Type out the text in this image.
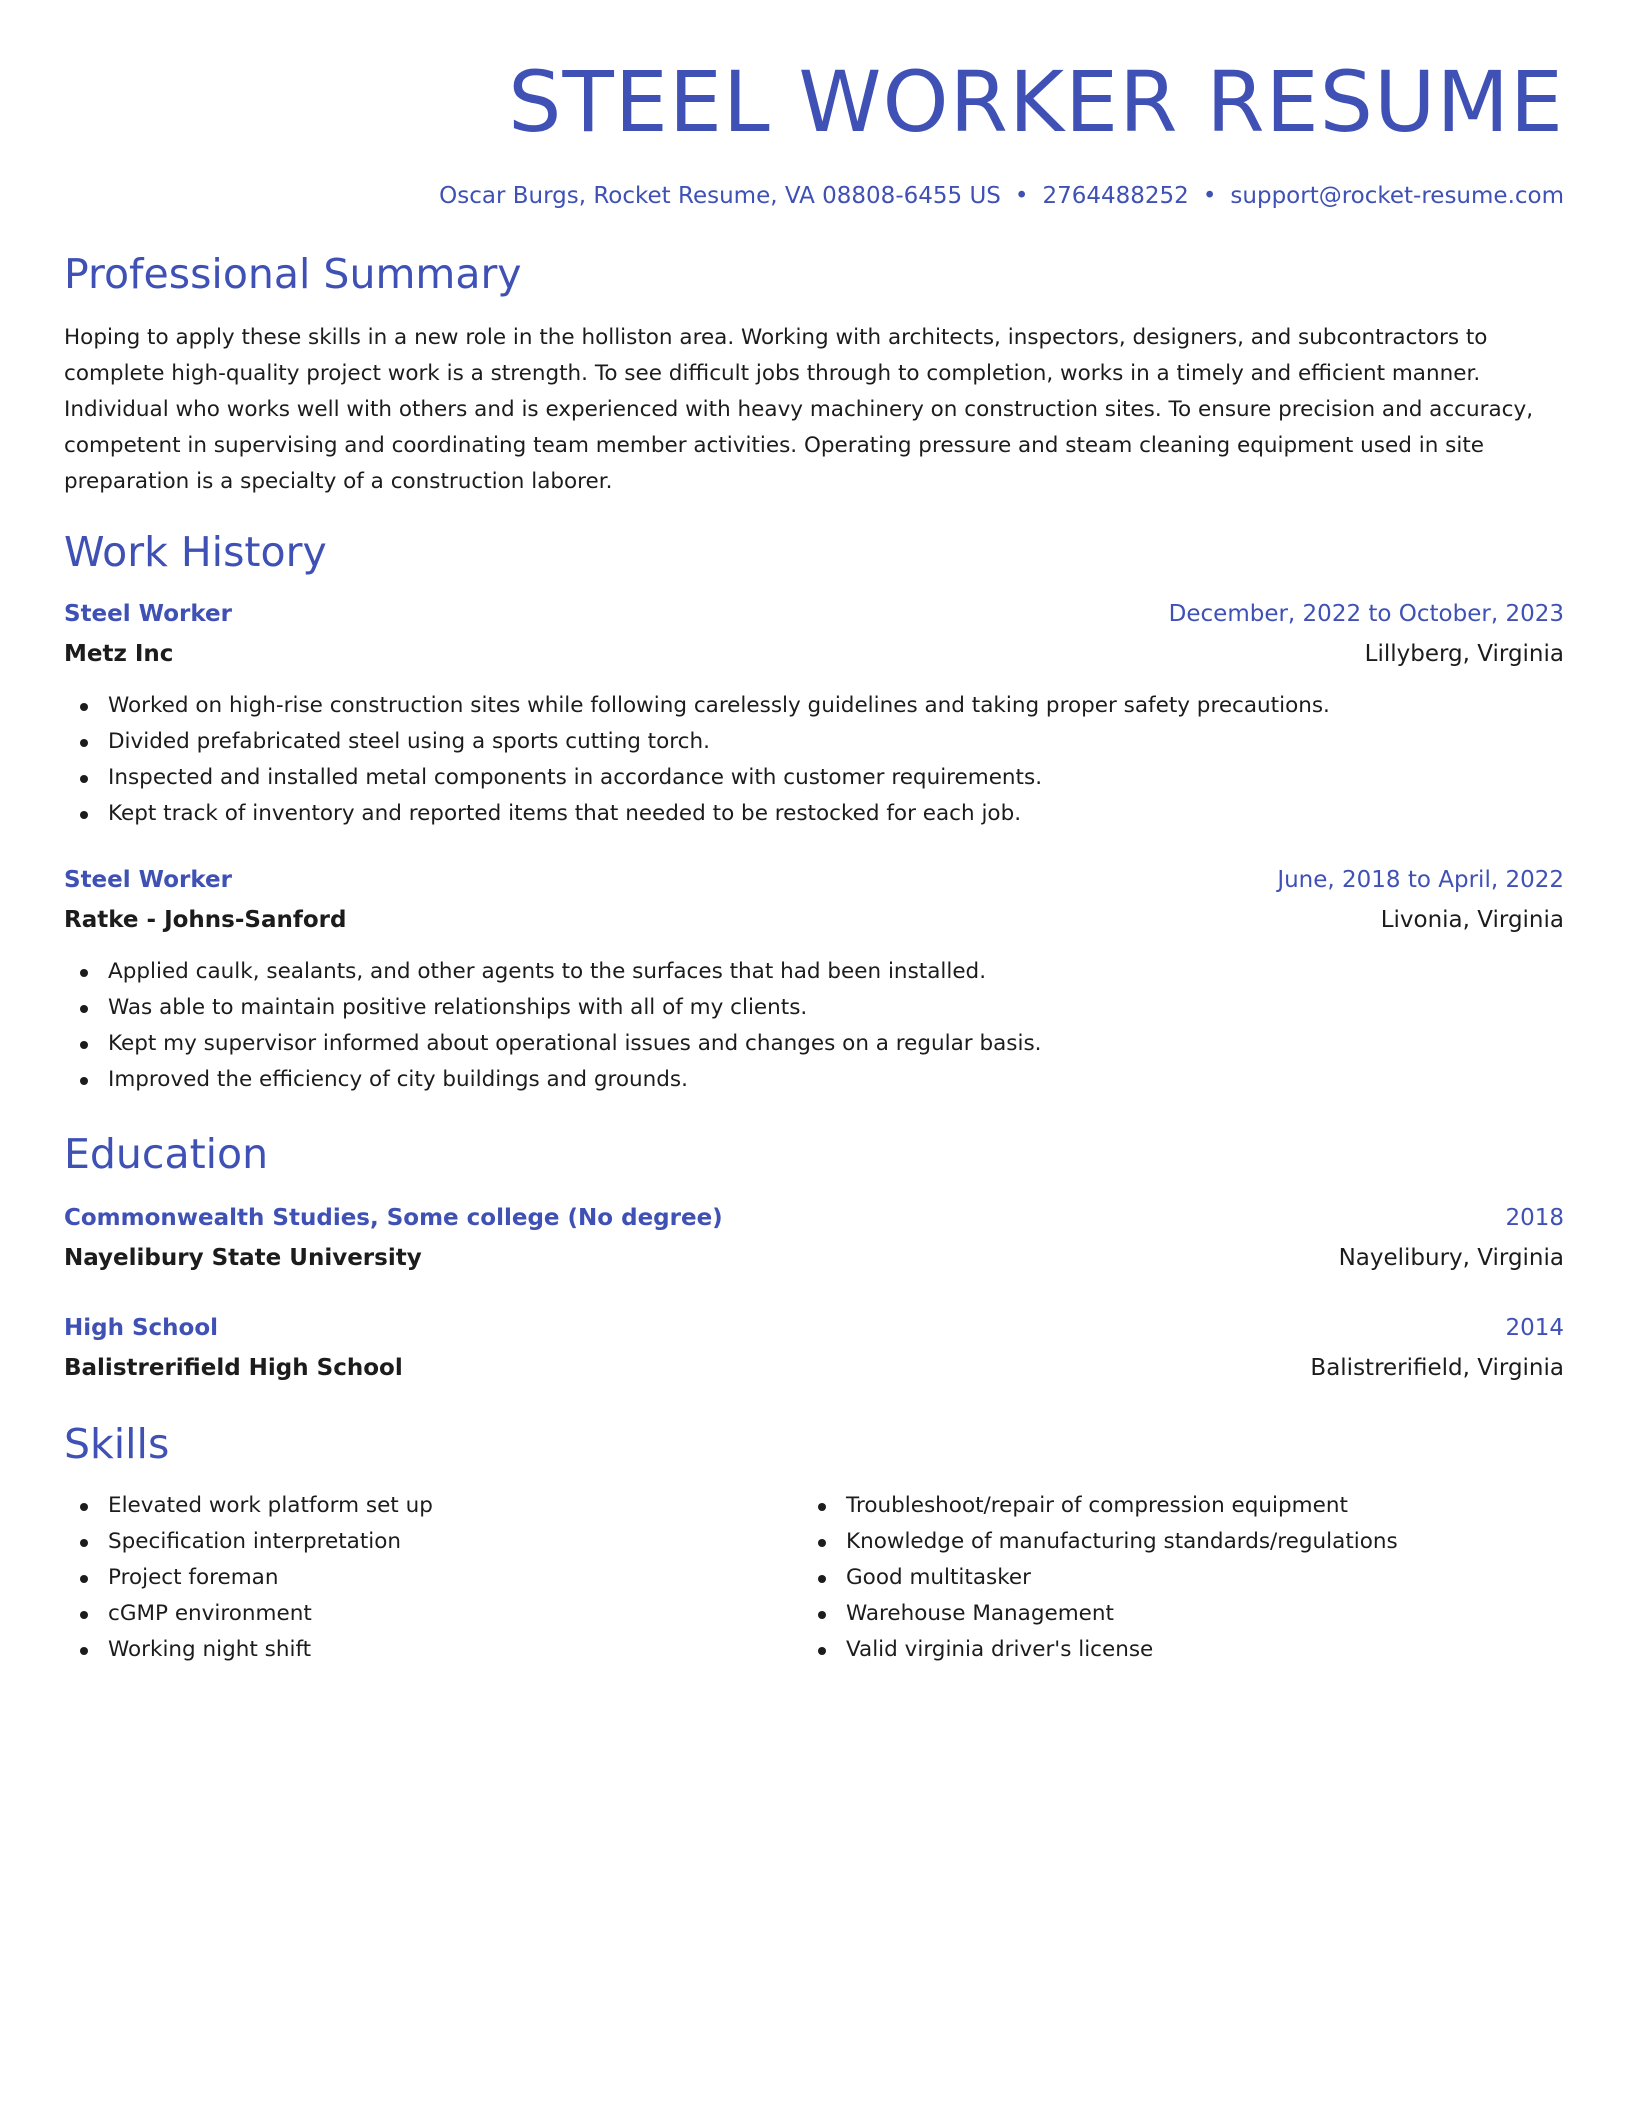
STEEL WORKER RESUME
Oscar Burgs, Rocket Resume, VA 08808-6455 US • 2764488252 • support@rocket-resume.com
Professional Summary

Hoping to apply these skills in a new role in the holliston area. Working with architects, inspectors, designers, and subcontractors to complete high-quality project work is a strength. To see difficult jobs through to completion, works in a timely and efficient manner. Individual who works well with others and is experienced with heavy machinery on construction sites. To ensure precision and accuracy, competent in supervising and coordinating team member activities. Operating pressure and steam cleaning equipment used in site preparation is a specialty of a construction laborer.

Work History
Steel Worker	December, 2022 to October, 2023
Metz Inc	Lillyberg, Virginia
Worked on high-rise construction sites while following carelessly guidelines and taking proper safety precautions.
Divided prefabricated steel using a sports cutting torch.
Inspected and installed metal components in accordance with customer requirements.
Kept track of inventory and reported items that needed to be restocked for each job.
Steel Worker	June, 2018 to April, 2022
Ratke - Johns-Sanford	Livonia, Virginia
Applied caulk, sealants, and other agents to the surfaces that had been installed.
Was able to maintain positive relationships with all of my clients.
Kept my supervisor informed about operational issues and changes on a regular basis.
Improved the efficiency of city buildings and grounds.
Education
Commonwealth Studies, Some college (No degree)	2018
Nayelibury State University	Nayelibury, Virginia
High School	2014
Balistrerifield High School	Balistrerifield, Virginia
Skills
Elevated work platform set up
Specification interpretation
Project foreman
cGMP environment
Working night shift
Troubleshoot/repair of compression equipment
Knowledge of manufacturing standards/regulations
Good multitasker
Warehouse Management
Valid virginia driver's license
